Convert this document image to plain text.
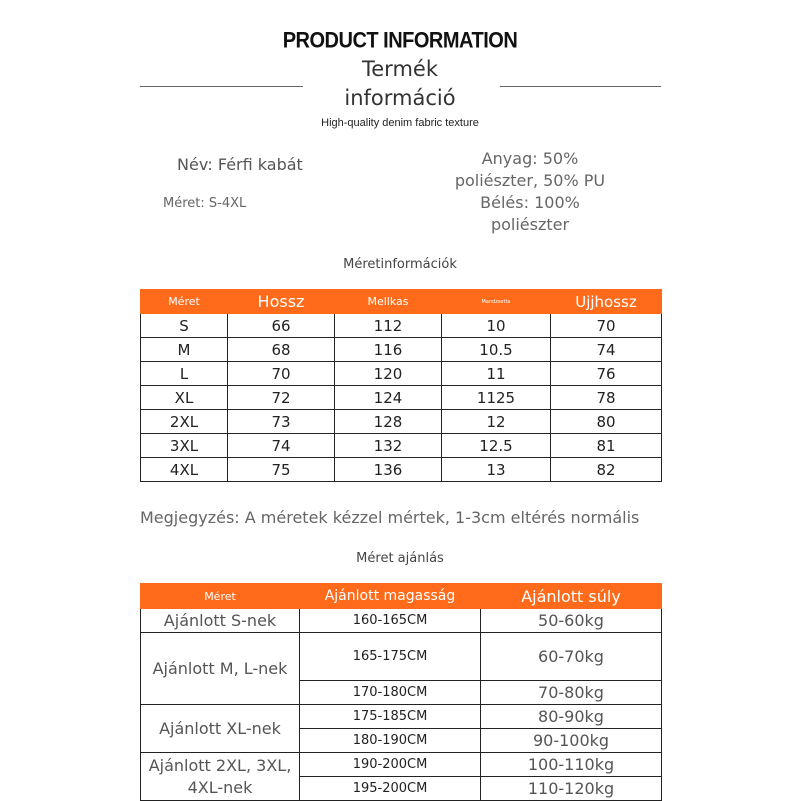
PRODUCT INFORMATION
Termék
információ
High-quality denim fabric texture
Név: Férfi kabát
Méret: S-4XL
Anyag: 50%
poliészter, 50% PU
Bélés: 100%
poliészter
Méretinformációk
Méret	Hossz	Mellkas	Mandzsetta	Ujjhossz
S	66	112	10	70
M	68	116	10.5	74
L	70	120	11	76
XL	72	124	1125	78
2XL	73	128	12	80
3XL	74	132	12.5	81
4XL	75	136	13	82
Megjegyzés: A méretek kézzel mértek, 1-3cm eltérés normális
Méret ajánlás
Méret	Ajánlott magasság	Ajánlott súly
Ajánlott S-nek	160-165CM	50-60kg
Ajánlott M, L-nek	165-175CM	60-70kg
	170-180CM	70-80kg
Ajánlott XL-nek	175-185CM	80-90kg
	180-190CM	90-100kg
Ajánlott 2XL, 3XL, 4XL-nek	190-200CM	100-110kg
	195-200CM	110-120kg
